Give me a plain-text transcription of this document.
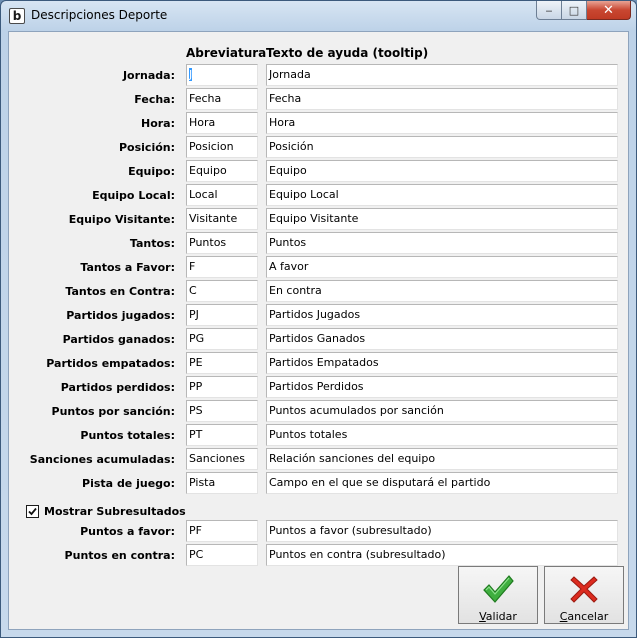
b Descripciones Deporte	‒ □ ✕
Abreviatura Texto de ayuda (tooltip)
Mostrar Subresultados
Validar	Cancelar
Jornada: J	Jornada
Fecha: Fecha	Fecha
Hora: Hora	Hora
Posición: Posicion	Posición
Equipo: Equipo	Equipo
Equipo Local: Local	Equipo Local
Equipo Visitante: Visitante	Equipo Visitante
Tantos: Puntos	Puntos
Tantos a Favor: F	A favor
Tantos en Contra: C	En contra
Partidos jugados: PJ	Partidos Jugados
Partidos ganados: PG	Partidos Ganados
Partidos empatados: PE	Partidos Empatados
Partidos perdidos: PP	Partidos Perdidos
Puntos por sanción: PS	Puntos acumulados por sanción
Puntos totales: PT	Puntos totales
Sanciones acumuladas: Sanciones	Relación sanciones del equipo
Pista de juego: Pista	Campo en el que se disputará el partido
Puntos a favor: PF	Puntos a favor (subresultado)
Puntos en contra: PC	Puntos en contra (subresultado)
